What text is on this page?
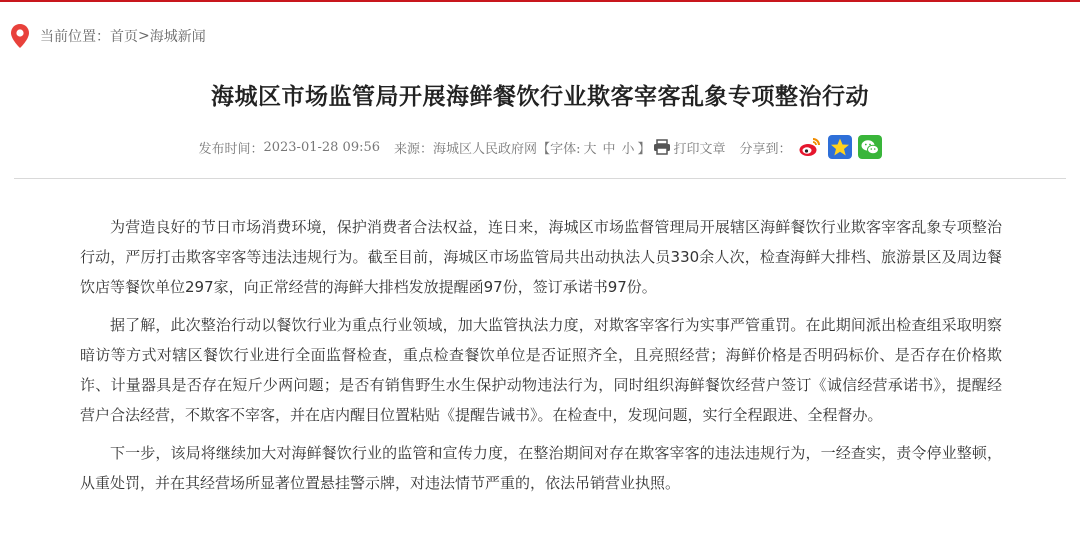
当前位置： 首页 > 海城新闻
海城区市场监管局开展海鲜餐饮行业欺客宰客乱象专项整治行动
发布时间： 2023-01-28 09:56 来源： 海城区人民政府网 【字体: 大 中 小 】 打印文章 分享到：

为营造良好的节日市场消费环境，保护消费者合法权益，连日来，海城区市场监督管理局开展辖区海鲜餐饮行业欺客宰客乱象专项整治行动，严厉打击欺客宰客等违法违规行为。截至目前，海城区市场监管局共出动执法人员330余人次，检查海鲜大排档、旅游景区及周边餐饮店等餐饮单位297家，向正常经营的海鲜大排档发放提醒函97份，签订承诺书97份。

据了解，此次整治行动以餐饮行业为重点行业领域，加大监管执法力度，对欺客宰客行为实事严管重罚。在此期间派出检查组采取明察暗访等方式对辖区餐饮行业进行全面监督检查，重点检查餐饮单位是否证照齐全，且亮照经营；海鲜价格是否明码标价、是否存在价格欺诈、计量器具是否存在短斤少两问题；是否有销售野生水生保护动物违法行为，同时组织海鲜餐饮经营户签订《诚信经营承诺书》，提醒经营户合法经营，不欺客不宰客，并在店内醒目位置粘贴《提醒告诫书》。在检查中，发现问题，实行全程跟进、全程督办。

下一步，该局将继续加大对海鲜餐饮行业的监管和宣传力度，在整治期间对存在欺客宰客的违法违规行为，一经查实，责令停业整顿，从重处罚，并在其经营场所显著位置悬挂警示牌，对违法情节严重的，依法吊销营业执照。
